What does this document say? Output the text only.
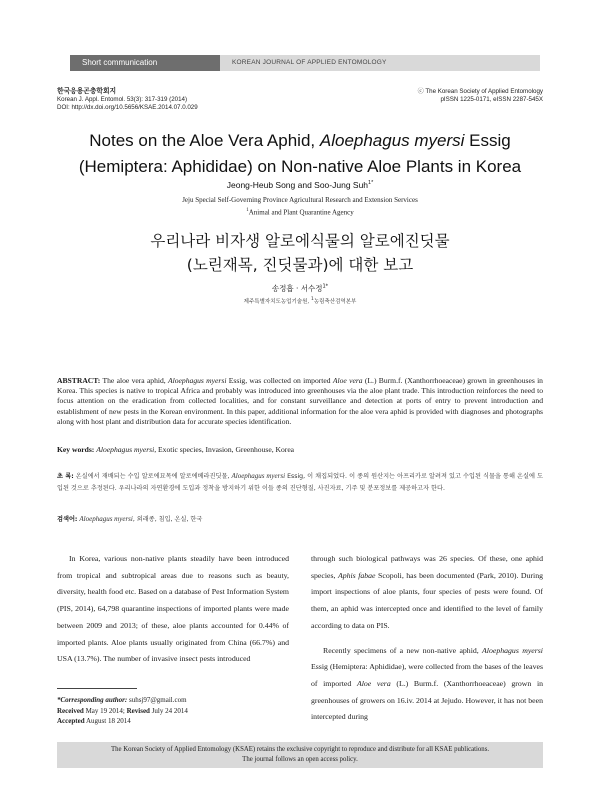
Short communication	KOREAN JOURNAL OF APPLIED ENTOMOLOGY
한국응용곤충학회지
Korean J. Appl. Entomol. 53(3): 317-319 (2014)
DOI: http://dx.doi.org/10.5656/KSAE.2014.07.0.029
ⓒ The Korean Society of Applied Entomology
pISSN 1225-0171, eISSN 2287-545X
Notes on the Aloe Vera Aphid, Aloephagus myersi Essig
(Hemiptera: Aphididae) on Non-native Aloe Plants in Korea
Jeong-Heub Song and Soo-Jung Suh$^{1*}$
Jeju Special Self-Governing Province Agricultural Research and Extension Services
$^1$Animal and Plant Quarantine Agency
우리나라 비자생 알로에식물의 알로에진딧물
(노린재목, 진딧물과)에 대한 보고
송정흡 · 서수정$^{1*}$
제주특별자치도농업기술원, $^1$농림축산검역본부
ABSTRACT: The aloe vera aphid, Aloephagus myersi Essig, was collected on imported Aloe vera (L.) Burm.f. (Xanthorrhoeaceae) grown in greenhouses in Korea. This species is native to tropical Africa and probably was introduced into greenhouses via the aloe plant trade. This introduction reinforces the need to focus attention on the eradication from collected localities, and for constant surveillance and detection at ports of entry to prevent introduction and establishment of new pests in the Korean environment. In this paper, additional information for the aloe vera aphid is provided with diagnoses and photographs along with host plant and distribution data for accurate species identification.
Key words: Aloephagus myersi, Exotic species, Invasion, Greenhouse, Korea
초 록: 온실에서 재배되는 수입 알로에묘목에 알로에베라진딧물, Aloephagus myersi Essig, 이 채집되었다. 이 종의 원산지는 아프리카로 알려져 있고 수입된 식물을 통해 온실에 도입된 것으로 추정된다. 우리나라의 자연환경에 도입과 정착을 방지하기 위한 이들 종의 진단형질, 사진자료, 기주 및 분포정보를 제공하고자 한다.
검색어: Aloephagus myersi, 외래종, 침입, 온실, 한국

In Korea, various non-native plants steadily have been introduced from tropical and subtropical areas due to reasons such as beauty, diversity, health food etc. Based on a database of Pest Information System (PIS, 2014), 64,798 quarantine inspections of imported plants were made between 2009 and 2013; of these, aloe plants accounted for 0.44% of imported plants. Aloe plants usually originated from China (66.7%) and USA (13.7%). The number of invasive insect pests introduced

through such biological pathways was 26 species. Of these, one aphid species, Aphis fabae Scopoli, has been documented (Park, 2010). During import inspections of aloe plants, four species of pests were found. Of them, an aphid was intercepted once and identified to the level of family according to data on PIS.

Recently specimens of a new non-native aphid, Aloephagus myersi Essig (Hemiptera: Aphididae), were collected from the bases of the leaves of imported Aloe vera (L.) Burm.f. (Xanthorrhoeaceae) grown in greenhouses of growers on 16.iv. 2014 at Jejudo. However, it has not been intercepted during

*Corresponding author: suhsj97@gmail.com
Received May 19 2014; Revised July 24 2014
Accepted August 18 2014
The Korean Society of Applied Entomology (KSAE) retains the exclusive copyright to reproduce and distribute for all KSAE publications.
The journal follows an open access policy.
